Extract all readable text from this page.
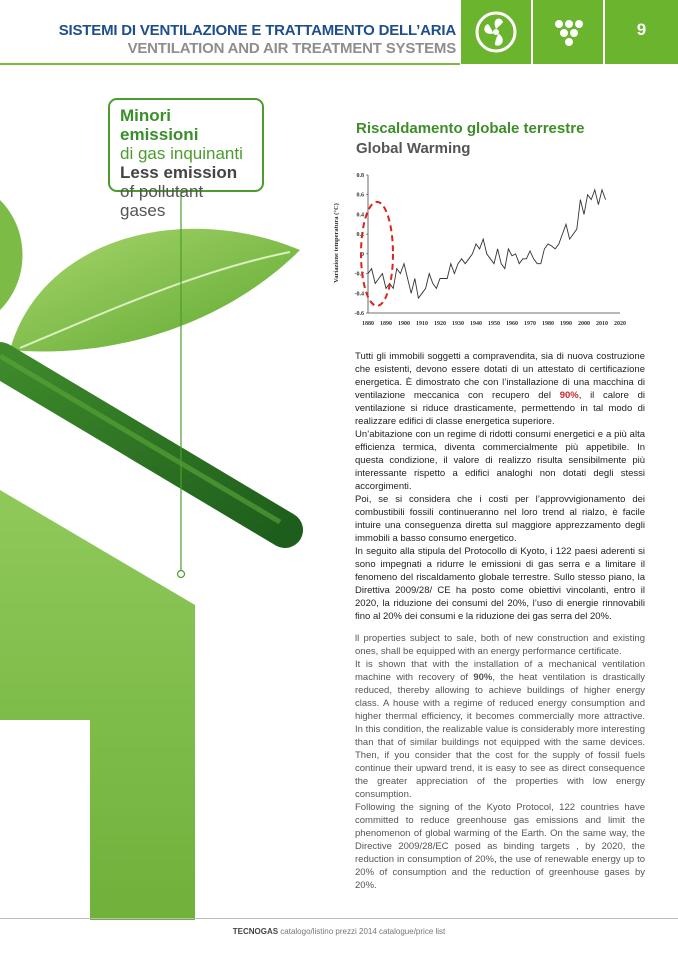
SISTEMI DI VENTILAZIONE E TRATTAMENTO DELL’ARIA
VENTILATION AND AIR TREATMENT SYSTEMS
9
Minori emissioni
di gas inquinanti
Less emission
of pollutant gases
Riscaldamento globale terrestre
Global Warming
Variazione temperatura (°C)
0.8
0.6
0.4
0.2
0
-0.2
-0.4
-0.6
1880 1890 1900 1910 1920 1930 1940 1950 1960 1970 1980 1990 2000 2010 2020

Tutti gli immobili soggetti a compravendita, sia di nuova costruzione che esistenti, devono essere dotati di un attestato di certificazione energetica. È dimostrato che con l’installazione di una macchina di ventilazione meccanica con recupero del 90%, il calore di ventilazione si riduce drasticamente, permettendo in tal modo di realizzare edifici di classe energetica superiore.

Un’abitazione con un regime di ridotti consumi energetici e a più alta efficienza termica, diventa commercialmente più appetibile. In questa condizione, il valore di realizzo risulta sensibilmente più interessante rispetto a edifici analoghi non dotati degli stessi accorgimenti.

Poi, se si considera che i costi per l’approvvigionamento dei combustibili fossili continueranno nel loro trend al rialzo, è facile intuire una conseguenza diretta sul maggiore apprezzamento degli immobili a basso consumo energetico.

In seguito alla stipula del Protocollo di Kyoto, i 122 paesi aderenti si sono impegnati a ridurre le emissioni di gas serra e a limitare il fenomeno del riscaldamento globale terrestre. Sullo stesso piano, la Direttiva 2009/28/ CE ha posto come obiettivi vincolanti, entro il 2020, la riduzione dei consumi del 20%, l’uso di energie rinnovabili fino al 20% dei consumi e la riduzione dei gas serra del 20%.

ll properties subject to sale, both of new construction and existing ones, shall be equipped with an energy performance certificate.

It is shown that with the installation of a mechanical ventilation machine with recovery of 90%, the heat ventilation is drastically reduced, thereby allowing to achieve buildings of higher energy class. A house with a regime of reduced energy consumption and higher thermal efficiency, it becomes commercially more attractive. In this condition, the realizable value is considerably more interesting than that of similar buildings not equipped with the same devices. Then, if you consider that the cost for the supply of fossil fuels continue their upward trend, it is easy to see as direct consequence the greater appreciation of the properties with low energy consumption.

Following the signing of the Kyoto Protocol, 122 countries have committed to reduce greenhouse gas emissions and limit the phenomenon of global warming of the Earth. On the same way, the Directive 2009/28/EC posed as binding targets , by 2020, the reduction in consumption of 20%, the use of renewable energy up to 20% of consumption and the reduction of greenhouse gases by 20%.

TECNOGAS catalogo/listino prezzi 2014 catalogue/price list
